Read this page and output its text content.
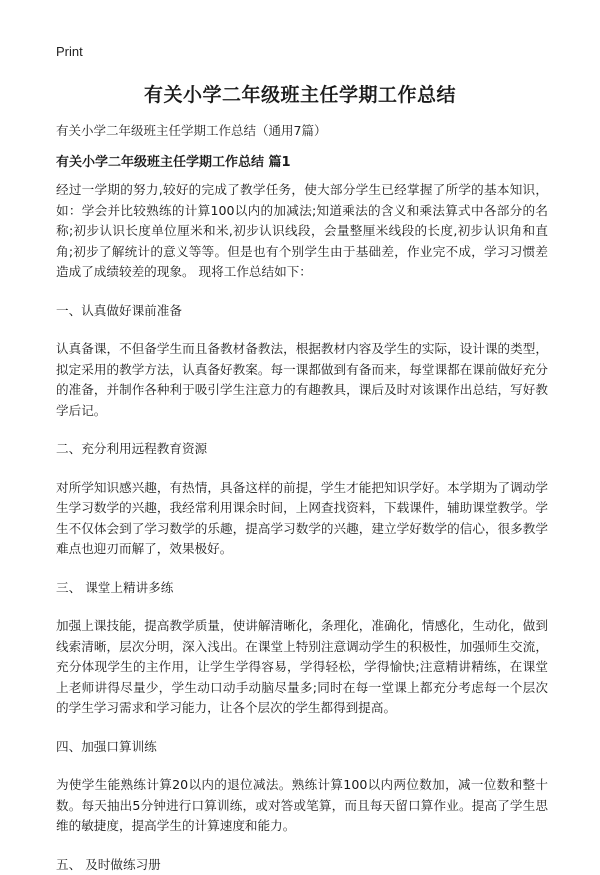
Print
有关小学二年级班主任学期工作总结
有关小学二年级班主任学期工作总结（通用7篇）
有关小学二年级班主任学期工作总结 篇1

经过一学期的努力,较好的完成了教学任务，使大部分学生已经掌握了所学的基本知识，如：学会并比较熟练的计算100以内的加减法;知道乘法的含义和乘法算式中各部分的名称;初步认识长度单位厘米和米,初步认识线段，会量整厘米线段的长度,初步认识角和直角;初步了解统计的意义等等。但是也有个别学生由于基础差，作业完不成，学习习惯差造成了成绩较差的现象。 现将工作总结如下：

一、认真做好课前准备

认真备课，不但备学生而且备教材备教法，根据教材内容及学生的实际，设计课的类型，拟定采用的教学方法，认真备好教案。每一课都做到有备而来，每堂课都在课前做好充分的准备，并制作各种利于吸引学生注意力的有趣教具，课后及时对该课作出总结，写好教学后记。

二、充分利用远程教育资源

对所学知识感兴趣，有热情，具备这样的前提，学生才能把知识学好。本学期为了调动学生学习数学的兴趣，我经常利用课余时间，上网查找资料，下载课件，辅助课堂教学。学生不仅体会到了学习数学的乐趣，提高学习数学的兴趣，建立学好数学的信心，很多教学难点也迎刃而解了，效果极好。

三、 课堂上精讲多练

加强上课技能，提高教学质量，使讲解清晰化，条理化，准确化，情感化，生动化，做到线索清晰，层次分明，深入浅出。在课堂上特别注意调动学生的积极性，加强师生交流，充分体现学生的主作用，让学生学得容易，学得轻松，学得愉快;注意精讲精练，在课堂上老师讲得尽量少，学生动口动手动脑尽量多;同时在每一堂课上都充分考虑每一个层次的学生学习需求和学习能力，让各个层次的学生都得到提高。

四、加强口算训练

为使学生能熟练计算20以内的退位减法。熟练计算100以内两位数加，减一位数和整十数。每天抽出5分钟进行口算训练，或对答或笔算，而且每天留口算作业。提高了学生思维的敏捷度，提高学生的计算速度和能力。

五、 及时做练习册
